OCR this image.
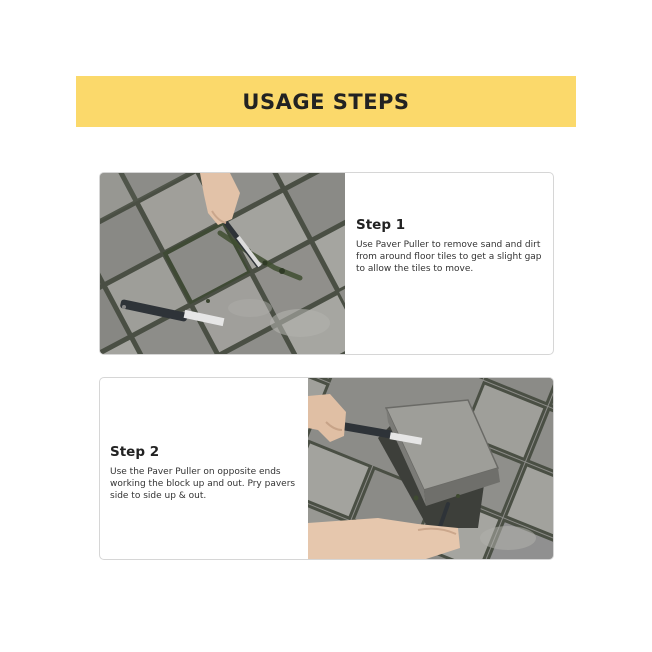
USAGE STEPS

Step 1

Use Paver Puller to remove sand and dirt from around floor tiles to get a slight gap to allow the tiles to move.

Step 2

Use the Paver Puller on opposite ends working the block up and out. Pry pavers side to side up & out.
